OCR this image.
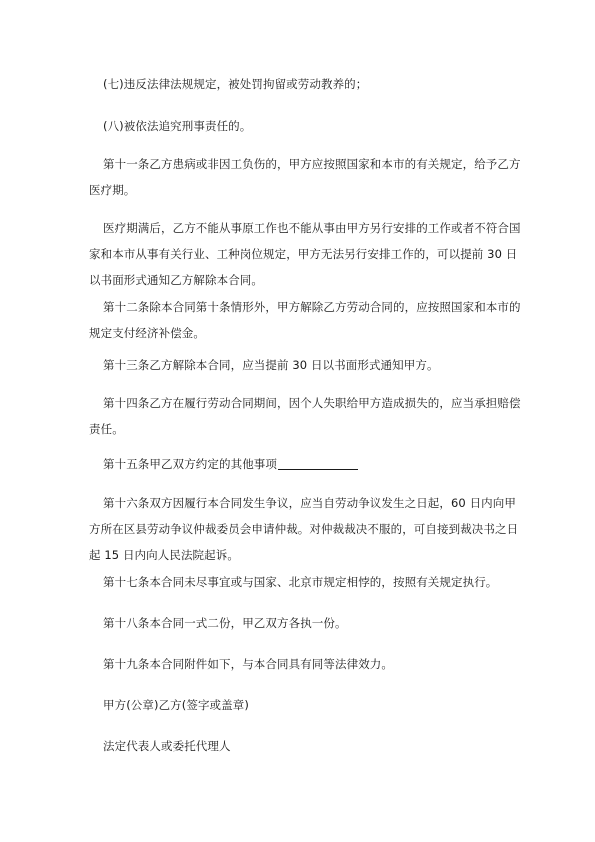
(七)违反法律法规规定，被处罚拘留或劳动教养的；

(八)被依法追究刑事责任的。

第十一条乙方患病或非因工负伤的，甲方应按照国家和本市的有关规定，给予乙方医疗期。

医疗期满后，乙方不能从事原工作也不能从事由甲方另行安排的工作或者不符合国家和本市从事有关行业、工种岗位规定，甲方无法另行安排工作的，可以提前 30 日以书面形式通知乙方解除本合同。

第十二条除本合同第十条情形外，甲方解除乙方劳动合同的，应按照国家和本市的规定支付经济补偿金。

第十三条乙方解除本合同，应当提前 30 日以书面形式通知甲方。

第十四条乙方在履行劳动合同期间，因个人失职给甲方造成损失的，应当承担赔偿责任。

第十五条甲乙双方约定的其他事项

第十六条双方因履行本合同发生争议，应当自劳动争议发生之日起，60 日内向甲方所在区县劳动争议仲裁委员会申请仲裁。对仲裁裁决不服的，可自接到裁决书之日起 15 日内向人民法院起诉。

第十七条本合同未尽事宜或与国家、北京市规定相悖的，按照有关规定执行。

第十八条本合同一式二份，甲乙双方各执一份。

第十九条本合同附件如下，与本合同具有同等法律效力。

甲方(公章)乙方(签字或盖章)

法定代表人或委托代理人
